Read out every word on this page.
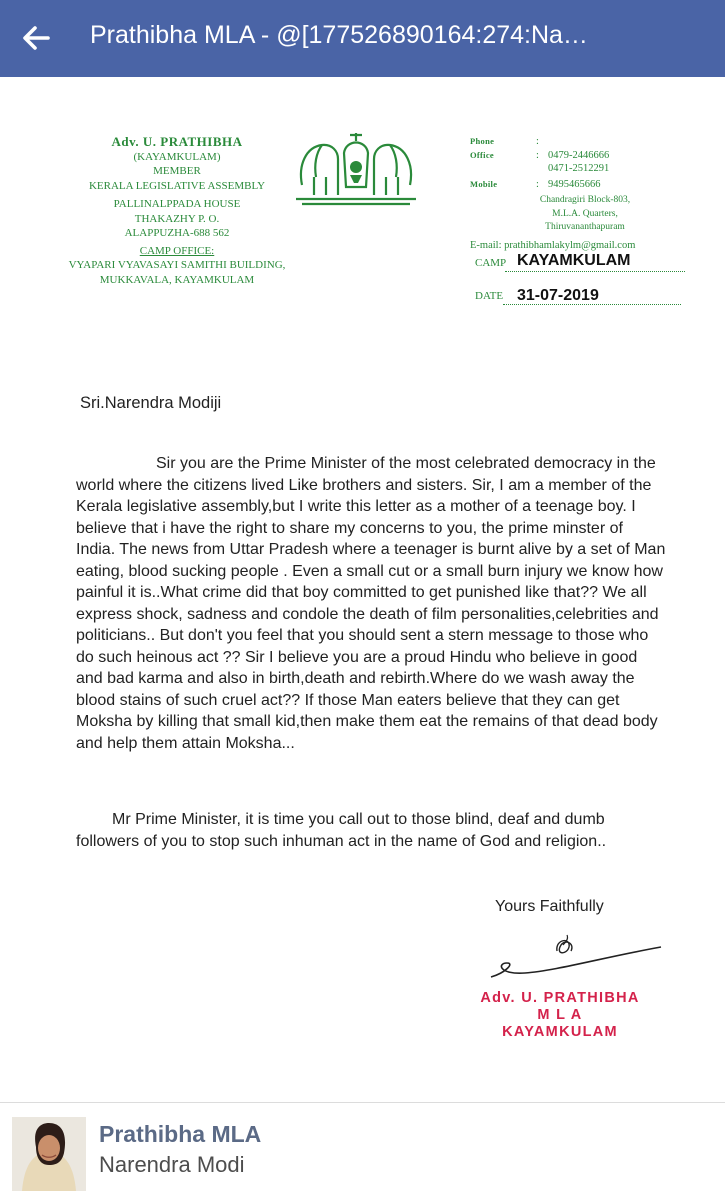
Prathibha MLA - @[177526890164:274:Na…
Adv. U. PRATHIBHA
(KAYAMKULAM)
MEMBER
KERALA LEGISLATIVE ASSEMBLY
PALLINALPPADA HOUSE
THAKAZHY P. O.
ALAPPUZHA-688 562
CAMP OFFICE:
VYAPARI VYAVASAYI SAMITHI BUILDING,
MUKKAVALA, KAYAMKULAM
Phone	:
Office	: 0479-2446666
0471-2512291
Mobile	: 9495465666
Chandragiri Block-803,
M.L.A. Quarters,
Thiruvananthapuram
E-mail: prathibhamlakylm@gmail.com
CAMP KAYAMKULAM
DATE 31-07-2019
Sri.Narendra Modiji
Sir you are the Prime Minister of the most celebrated democracy in the world where the citizens lived Like brothers and sisters. Sir, I am a member of the Kerala legislative assembly,but I write this letter as a mother of a teenage boy. I believe that i have the right to share my concerns to you, the prime minster of India. The news from Uttar Pradesh where a teenager is burnt alive by a set of Man eating, blood sucking people . Even a small cut or a small burn injury we know how painful it is..What crime did that boy committed to get punished like that?? We all express shock, sadness and condole the death of film personalities,celebrities and politicians.. But don't you feel that you should sent a stern message to those who do such heinous act ?? Sir I believe you are a proud Hindu who believe in good and bad karma and also in birth,death and rebirth.Where do we wash away the blood stains of such cruel act?? If those Man eaters believe that they can get Moksha by killing that small kid,then make them eat the remains of that dead body and help them attain Moksha...
Mr Prime Minister, it is time you call out to those blind, deaf and dumb followers of you to stop such inhuman act in the name of God and religion..
Yours Faithfully
Adv. U. PRATHIBHA
M L A
KAYAMKULAM
Prathibha MLA
Narendra Modi
